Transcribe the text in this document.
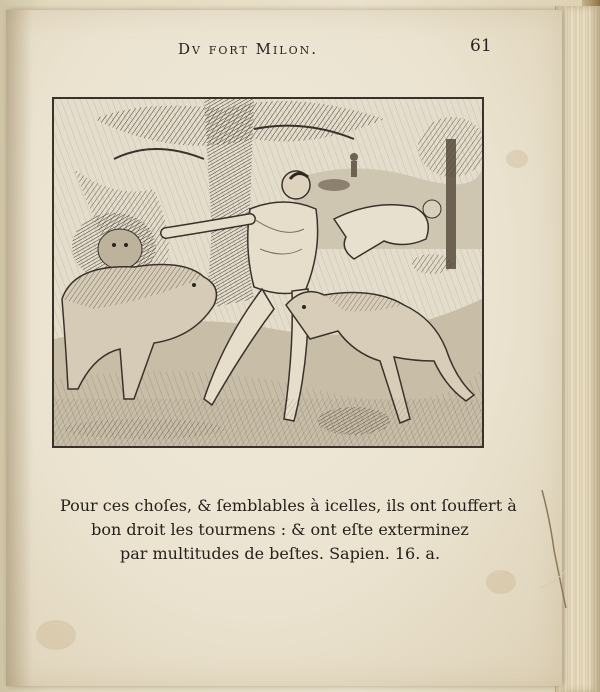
Dv fort Milon.	61
Pour ces choſes, & ſemblables à icelles, ils ont ſouffert à
bon droit les tourmens : & ont eſte exterminez
par multitudes de beſtes. Sapien. 16. a.
